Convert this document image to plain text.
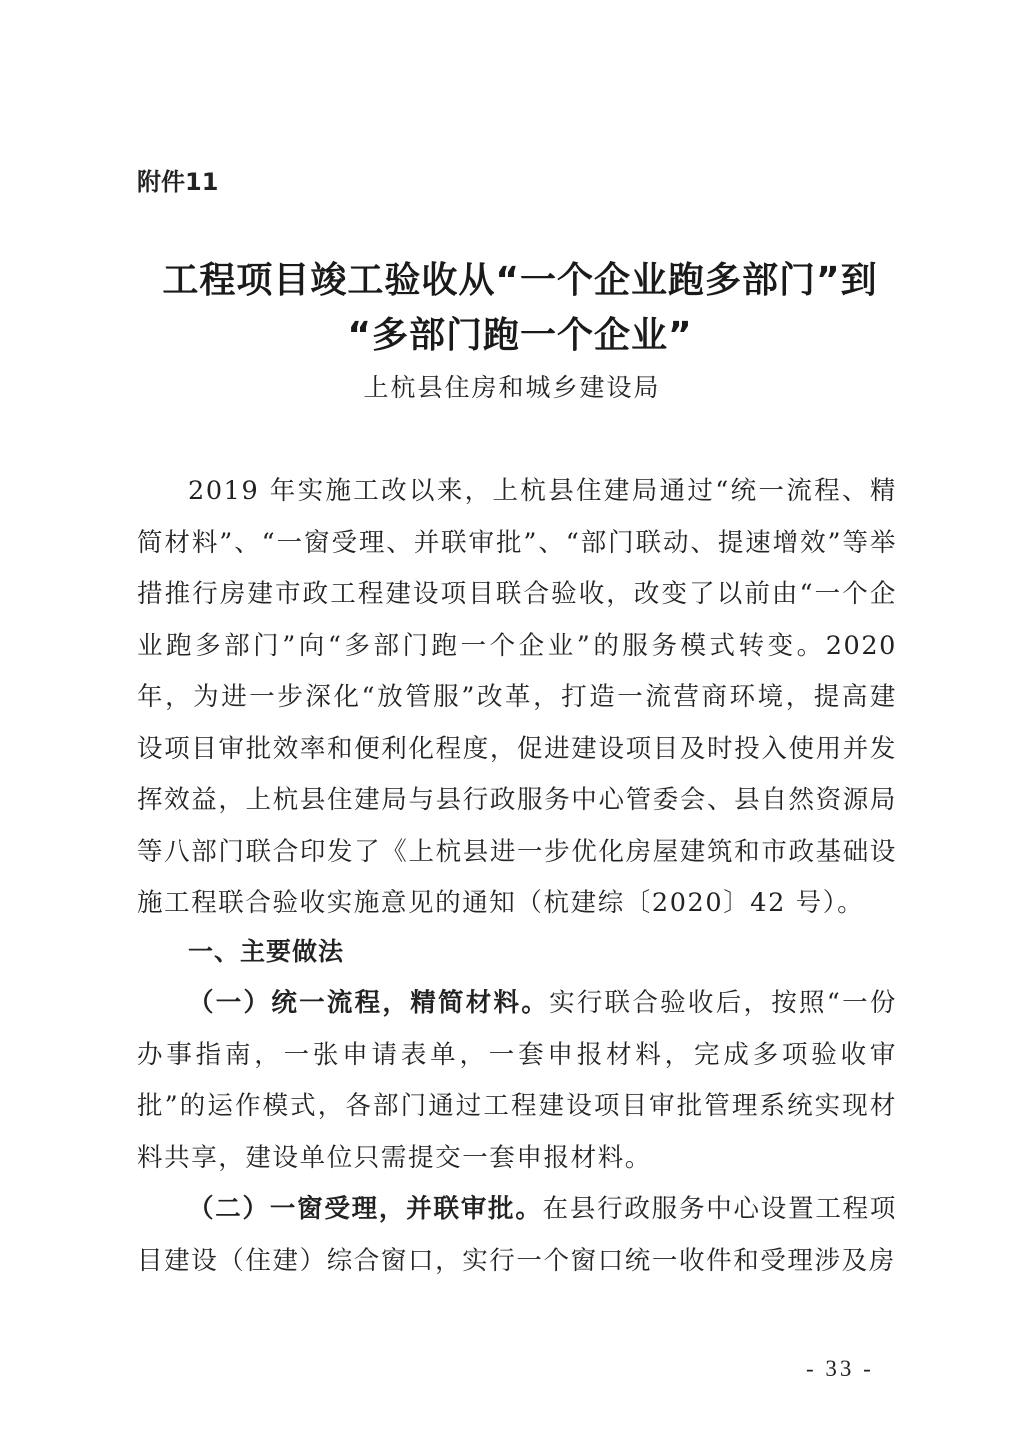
附件11
工程项目竣工验收从“一个企业跑多部门”到
“多部门跑一个企业”
上杭县住房和城乡建设局
2019 年实施工改以来，上杭县住建局通过“统一流程、精简材料”、“一窗受理、并联审批”、“部门联动、提速增效”等举措推行房建市政工程建设项目联合验收，改变了以前由“一个企业跑多部门”向“多部门跑一个企业”的服务模式转变。2020 年，为进一步深化“放管服”改革，打造一流营商环境，提高建设项目审批效率和便利化程度，促进建设项目及时投入使用并发挥效益，上杭县住建局与县行政服务中心管委会、县自然资源局等八部门联合印发了《上杭县进一步优化房屋建筑和市政基础设施工程联合验收实施意见的通知（杭建综〔2020〕42 号）。
一、主要做法
（一）统一流程，精简材料。实行联合验收后，按照“一份办事指南，一张申请表单，一套申报材料，完成多项验收审批”的运作模式，各部门通过工程建设项目审批管理系统实现材料共享，建设单位只需提交一套申报材料。
（二）一窗受理，并联审批。在县行政服务中心设置工程项目建设（住建）综合窗口，实行一个窗口统一收件和受理涉及房
- 33 -
